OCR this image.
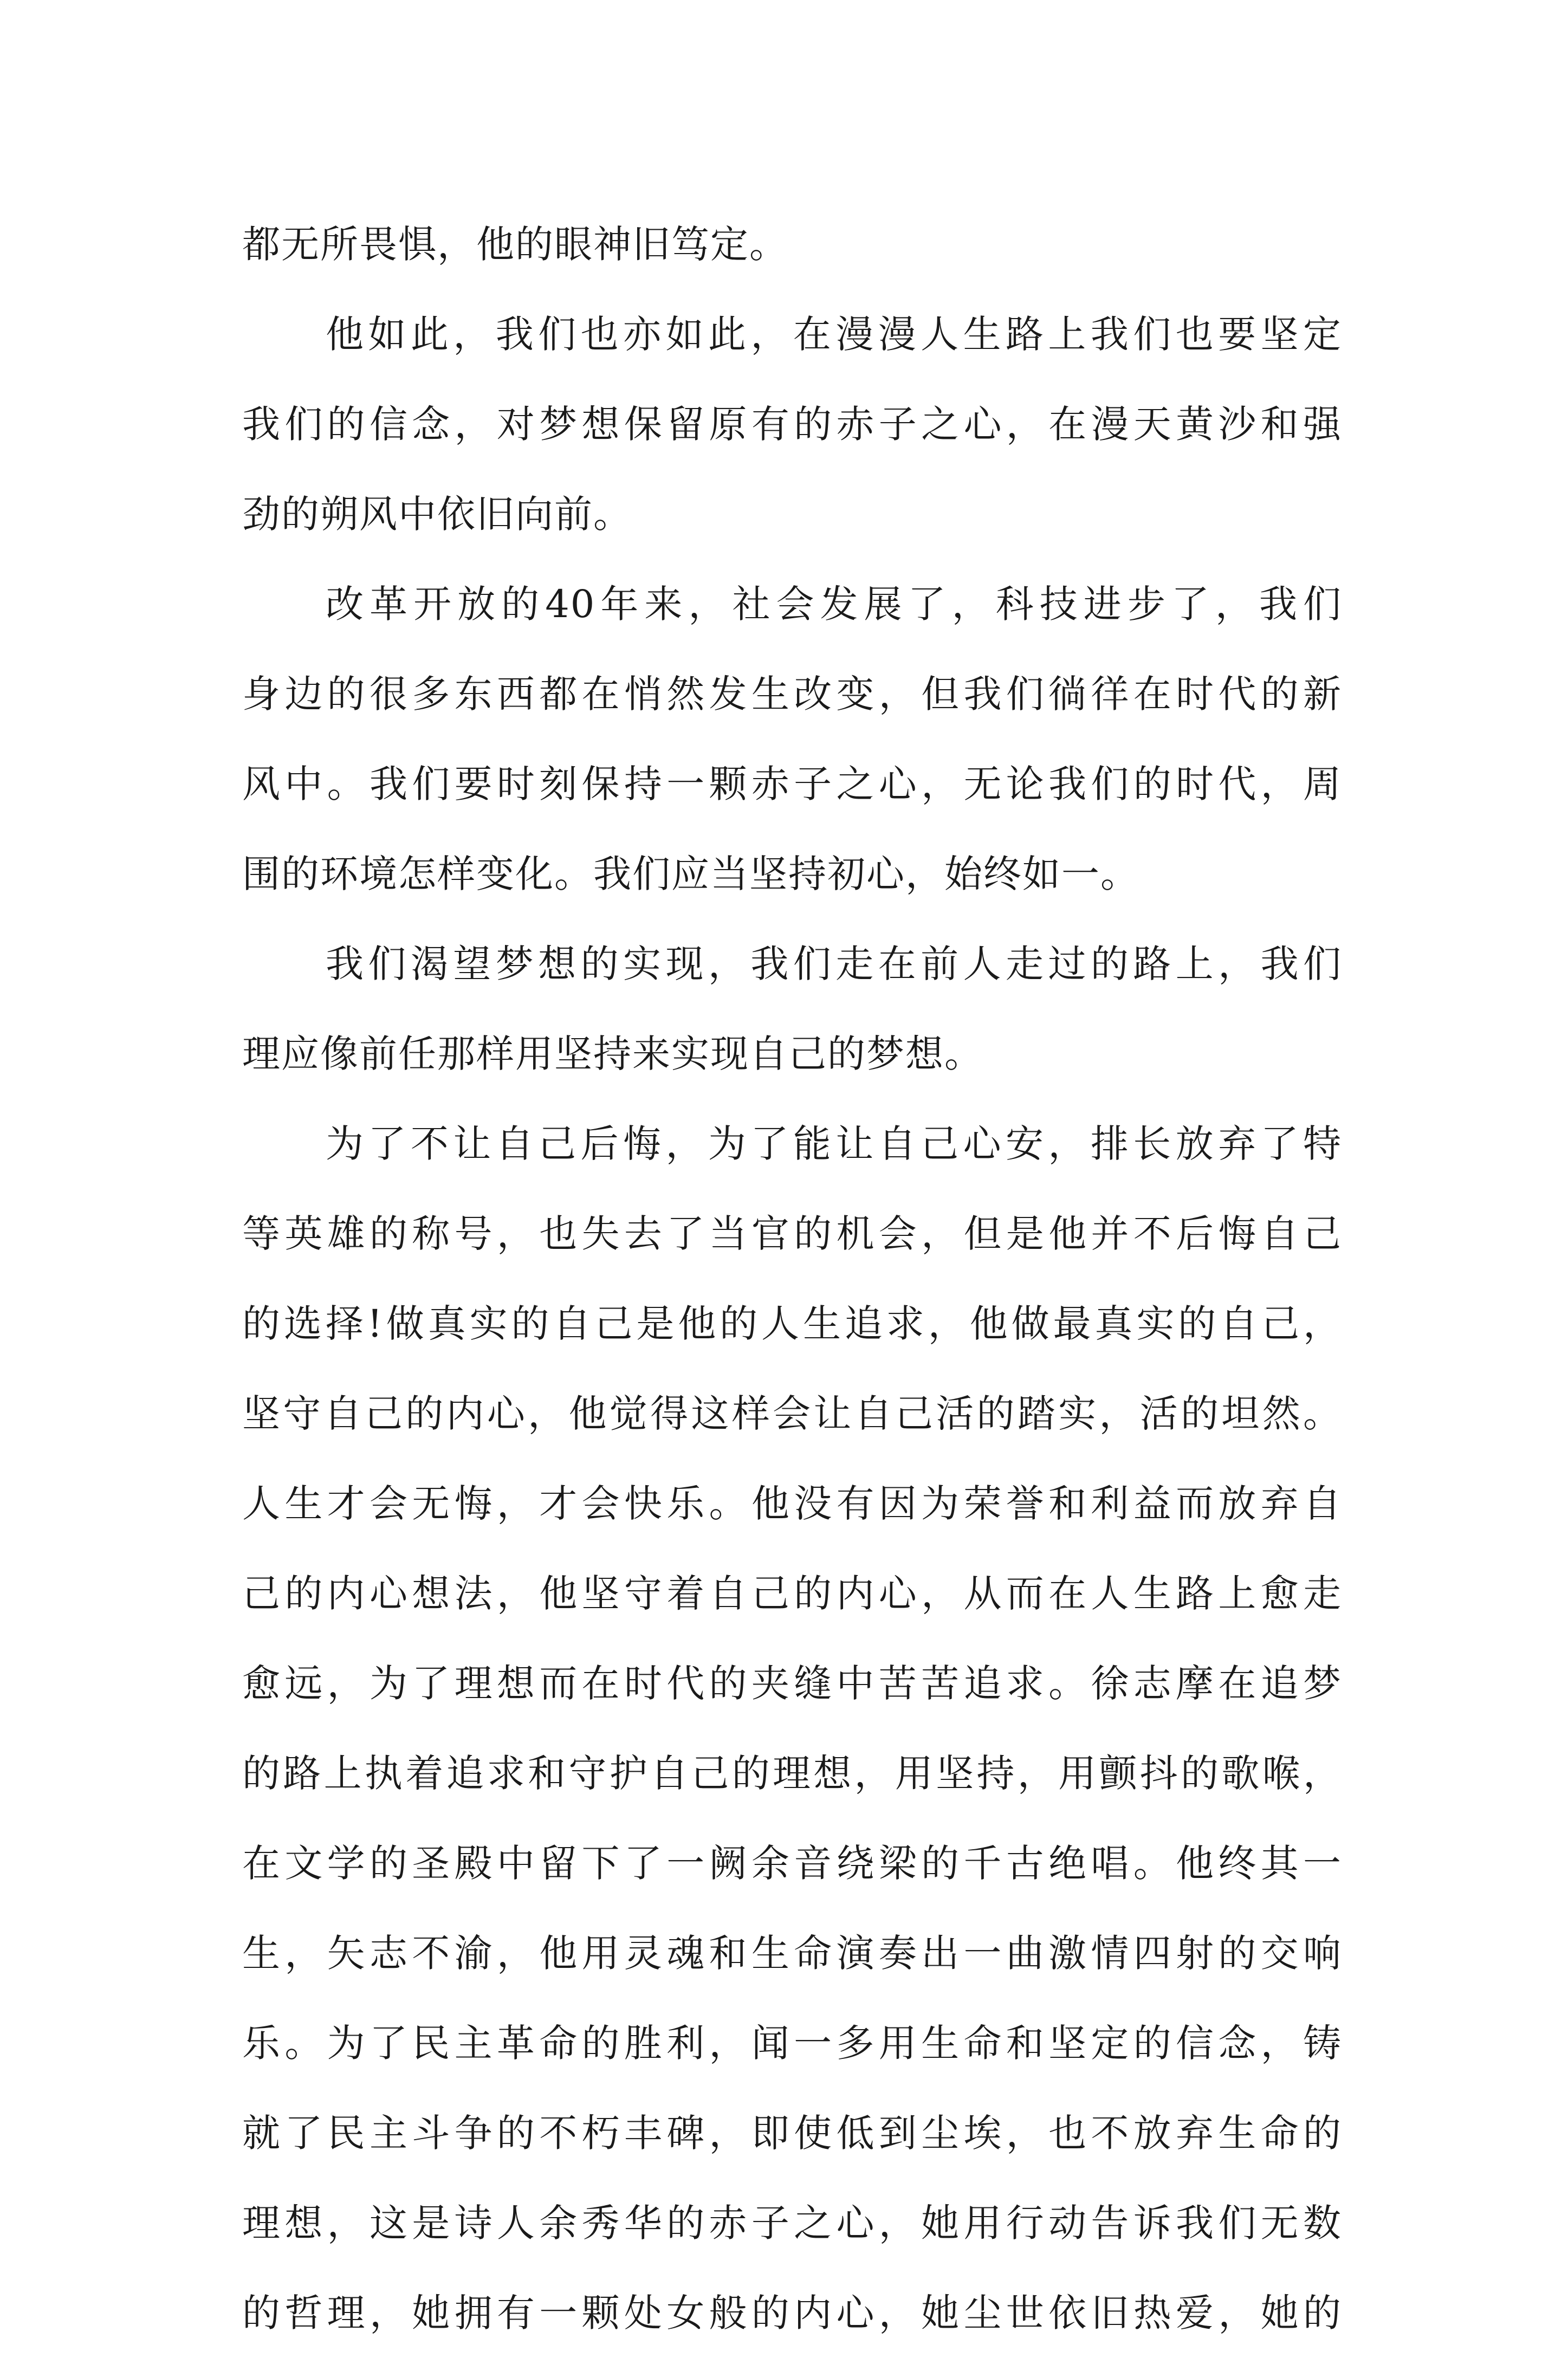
都无所畏惧，他的眼神旧笃定。
他如此，我们也亦如此，在漫漫人生路上我们也要坚定
我们的信念，对梦想保留原有的赤子之心，在漫天黄沙和强
劲的朔风中依旧向前。
改革开放的40年来，社会发展了，科技进步了，我们
身边的很多东西都在悄然发生改变，但我们徜徉在时代的新
风中。我们要时刻保持一颗赤子之心，无论我们的时代，周
围的环境怎样变化。我们应当坚持初心，始终如一。
我们渴望梦想的实现，我们走在前人走过的路上，我们
理应像前任那样用坚持来实现自己的梦想。
为了不让自己后悔，为了能让自己心安，排长放弃了特
等英雄的称号，也失去了当官的机会，但是他并不后悔自己
的选择!做真实的自己是他的人生追求，他做最真实的自己，
坚守自己的内心，他觉得这样会让自己活的踏实，活的坦然。
人生才会无悔，才会快乐。他没有因为荣誉和利益而放弃自
己的内心想法，他坚守着自己的内心，从而在人生路上愈走
愈远，为了理想而在时代的夹缝中苦苦追求。徐志摩在追梦
的路上执着追求和守护自己的理想，用坚持，用颤抖的歌喉，
在文学的圣殿中留下了一阙余音绕梁的千古绝唱。他终其一
生，矢志不渝，他用灵魂和生命演奏出一曲激情四射的交响
乐。为了民主革命的胜利，闻一多用生命和坚定的信念，铸
就了民主斗争的不朽丰碑，即使低到尘埃，也不放弃生命的
理想，这是诗人余秀华的赤子之心，她用行动告诉我们无数
的哲理，她拥有一颗处女般的内心，她尘世依旧热爱，她的
